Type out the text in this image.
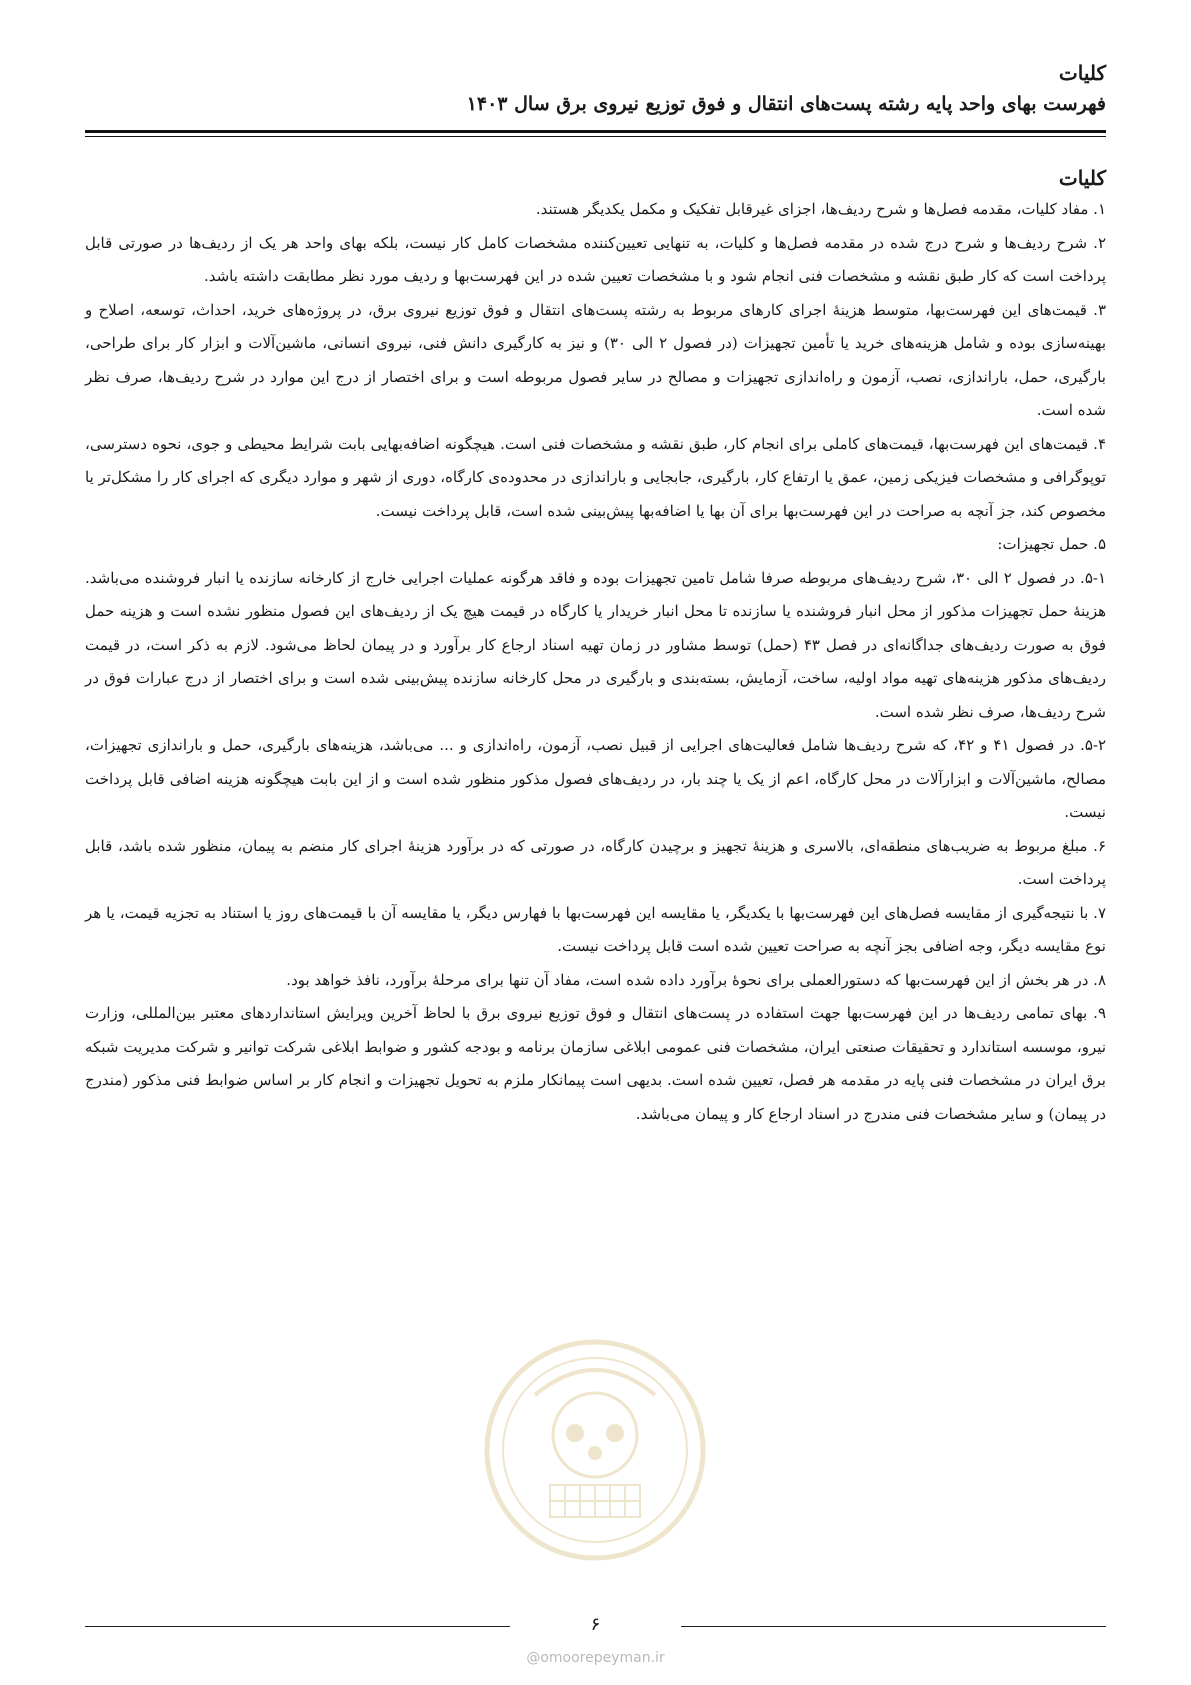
کلیات
فهرست بهای واحد پایه رشته پست‌های انتقال و فوق توزیع نیروی برق سال ۱۴۰۳
کلیات

۱. مفاد کلیات، مقدمه فصل‌ها و شرح ردیف‌ها، اجزای غیرقابل تفکیک و مکمل یکدیگر هستند.

۲. شرح ردیف‌ها و شرح درج شده در مقدمه فصل‌ها و کلیات، به تنهایی تعیین‌کننده مشخصات کامل کار نیست، بلکه بهای واحد هر یک از ردیف‌ها در صورتی قابل پرداخت است که کار طبق نقشه و مشخصات فنی انجام شود و با مشخصات تعیین شده در این فهرست‌بها و ردیف مورد نظر مطابقت داشته باشد.

۳. قیمت‌های این فهرست‌بها، متوسط هزینهٔ اجرای کارهای مربوط به رشته پست‌های انتقال و فوق توزیع نیروی برق، در پروژه‌های خرید، احداث، توسعه، اصلاح و بهینه‌سازی بوده و شامل هزینه‌های خرید یا تأمین تجهیزات (در فصول ۲ الی ۳۰) و نیز به کارگیری دانش فنی، نیروی انسانی، ماشین‌آلات و ابزار کار برای طراحی، بارگیری، حمل، باراندازی، نصب، آزمون و راه‌اندازی تجهیزات و مصالح در سایر فصول مربوطه است و برای اختصار از درج این موارد در شرح ردیف‌ها، صرف نظر شده است.

۴. قیمت‌های این فهرست‌بها، قیمت‌های کاملی برای انجام کار، طبق نقشه و مشخصات فنی است. هیچگونه اضافه‌بهایی بابت شرایط محیطی و جوی، نحوه دسترسی، توپوگرافی و مشخصات فیزیکی زمین، عمق یا ارتفاع کار، بارگیری، جابجایی و باراندازی در محدوده‌ی کارگاه، دوری از شهر و موارد دیگری که اجرای کار را مشکل‌تر یا مخصوص کند، جز آنچه به صراحت در این فهرست‌بها برای آن بها یا اضافه‌بها پیش‌بینی شده است، قابل پرداخت نیست.

۵. حمل تجهیزات:

۵-۱. در فصول ۲ الی ۳۰، شرح ردیف‌های مربوطه صرفا شامل تامین تجهیزات بوده و فاقد هرگونه عملیات اجرایی خارج از کارخانه سازنده یا انبار فروشنده می‌باشد. هزینهٔ حمل تجهیزات مذکور از محل انبار فروشنده یا سازنده تا محل انبار خریدار یا کارگاه در قیمت هیچ یک از ردیف‌های این فصول منظور نشده است و هزینه حمل فوق به صورت ردیف‌های جداگانه‌ای در فصل ۴۳ (حمل) توسط مشاور در زمان تهیه اسناد ارجاع کار برآورد و در پیمان لحاظ می‌شود. لازم به ذکر است، در قیمت ردیف‌های مذکور هزینه‌های تهیه مواد اولیه، ساخت، آزمایش، بسته‌بندی و بارگیری در محل کارخانه سازنده پیش‌بینی شده است و برای اختصار از درج عبارات فوق در شرح ردیف‌ها، صرف نظر شده است.

۵-۲. در فصول ۴۱ و ۴۲، که شرح ردیف‌ها شامل فعالیت‌های اجرایی از قبیل نصب، آزمون، راه‌اندازی و ... می‌باشد، هزینه‌های بارگیری، حمل و باراندازی تجهیزات، مصالح، ماشین‌آلات و ابزارآلات در محل کارگاه، اعم از یک یا چند بار، در ردیف‌های فصول مذکور منظور شده است و از این بابت هیچگونه هزینه اضافی قابل پرداخت نیست.

۶. مبلغ مربوط به ضریب‌های منطقه‌ای، بالاسری و هزینهٔ تجهیز و برچیدن کارگاه، در صورتی که در برآورد هزینهٔ اجرای کار منضم به پیمان، منظور شده باشد، قابل پرداخت است.

۷. با نتیجه‌گیری از مقایسه فصل‌های این فهرست‌بها با یکدیگر، یا مقایسه این فهرست‌بها با فهارس دیگر، یا مقایسه آن با قیمت‌های روز یا استناد به تجزیه قیمت، یا هر نوع مقایسه دیگر، وجه اضافی بجز آنچه به صراحت تعیین شده است قابل پرداخت نیست.

۸. در هر بخش از این فهرست‌بها که دستورالعملی برای نحوهٔ برآورد داده شده است، مفاد آن تنها برای مرحلهٔ برآورد، نافذ خواهد بود.

۹. بهای تمامی ردیف‌ها در این فهرست‌بها جهت استفاده در پست‌های انتقال و فوق توزیع نیروی برق با لحاظ آخرین ویرایش استانداردهای معتبر بین‌المللی، وزارت نیرو، موسسه استاندارد و تحقیقات صنعتی ایران، مشخصات فنی عمومی ابلاغی سازمان برنامه و بودجه کشور و ضوابط ابلاغی شرکت توانیر و شرکت مدیریت شبکه برق ایران در مشخصات فنی پایه در مقدمه هر فصل، تعیین شده است. بدیهی است پیمانکار ملزم به تحویل تجهیزات و انجام کار بر اساس ضوابط فنی مذکور (مندرج در پیمان) و سایر مشخصات فنی مندرج در اسناد ارجاع کار و پیمان می‌باشد.

۶
@omoorepeyman.ir
